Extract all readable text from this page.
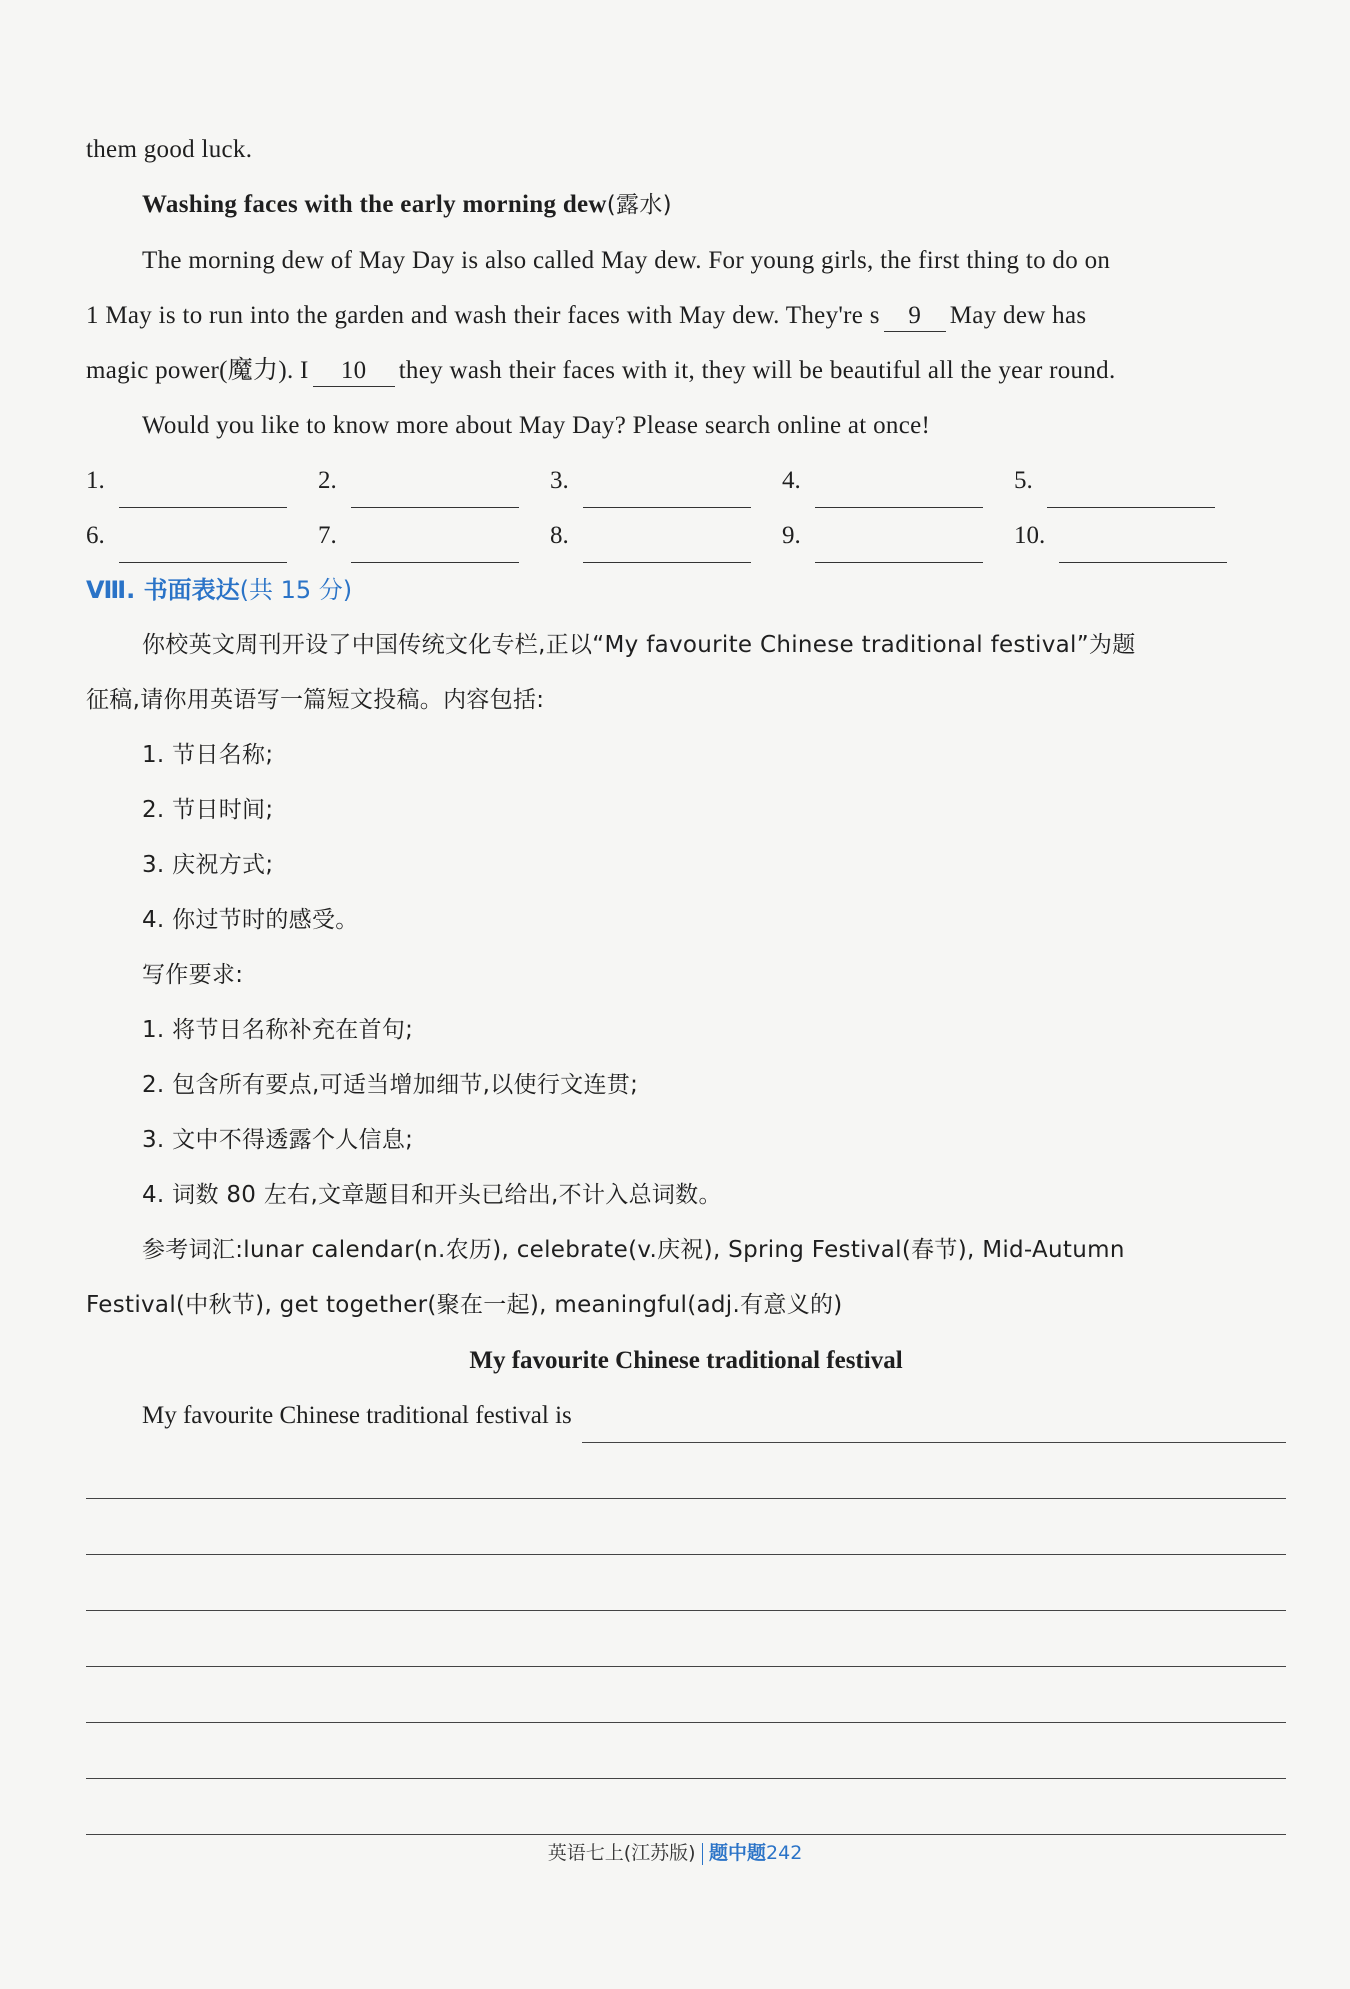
them good luck.
Washing faces with the early morning dew(露水)
The morning dew of May Day is also called May dew. For young girls, the first thing to do on
1 May is to run into the garden and wash their faces with May dew. They're s 9 May dew has
magic power(魔力). I 10 they wash their faces with it, they will be beautiful all the year round.
Would you like to know more about May Day? Please search online at once!
1.	2.	3.	4.	5.
6.	7.	8.	9.	10.
Ⅷ. 书面表达(共 15 分)
你校英文周刊开设了中国传统文化专栏,正以“My favourite Chinese traditional festival”为题
征稿,请你用英语写一篇短文投稿。内容包括:
1. 节日名称;
2. 节日时间;
3. 庆祝方式;
4. 你过节时的感受。
写作要求:
1. 将节日名称补充在首句;
2. 包含所有要点,可适当增加细节,以使行文连贯;
3. 文中不得透露个人信息;
4. 词数 80 左右,文章题目和开头已给出,不计入总词数。
参考词汇:lunar calendar(n.农历), celebrate(v.庆祝), Spring Festival(春节), Mid-Autumn
Festival(中秋节), get together(聚在一起), meaningful(adj.有意义的)
My favourite Chinese traditional festival
My favourite Chinese traditional festival is
英语七上(江苏版) 题中题242
